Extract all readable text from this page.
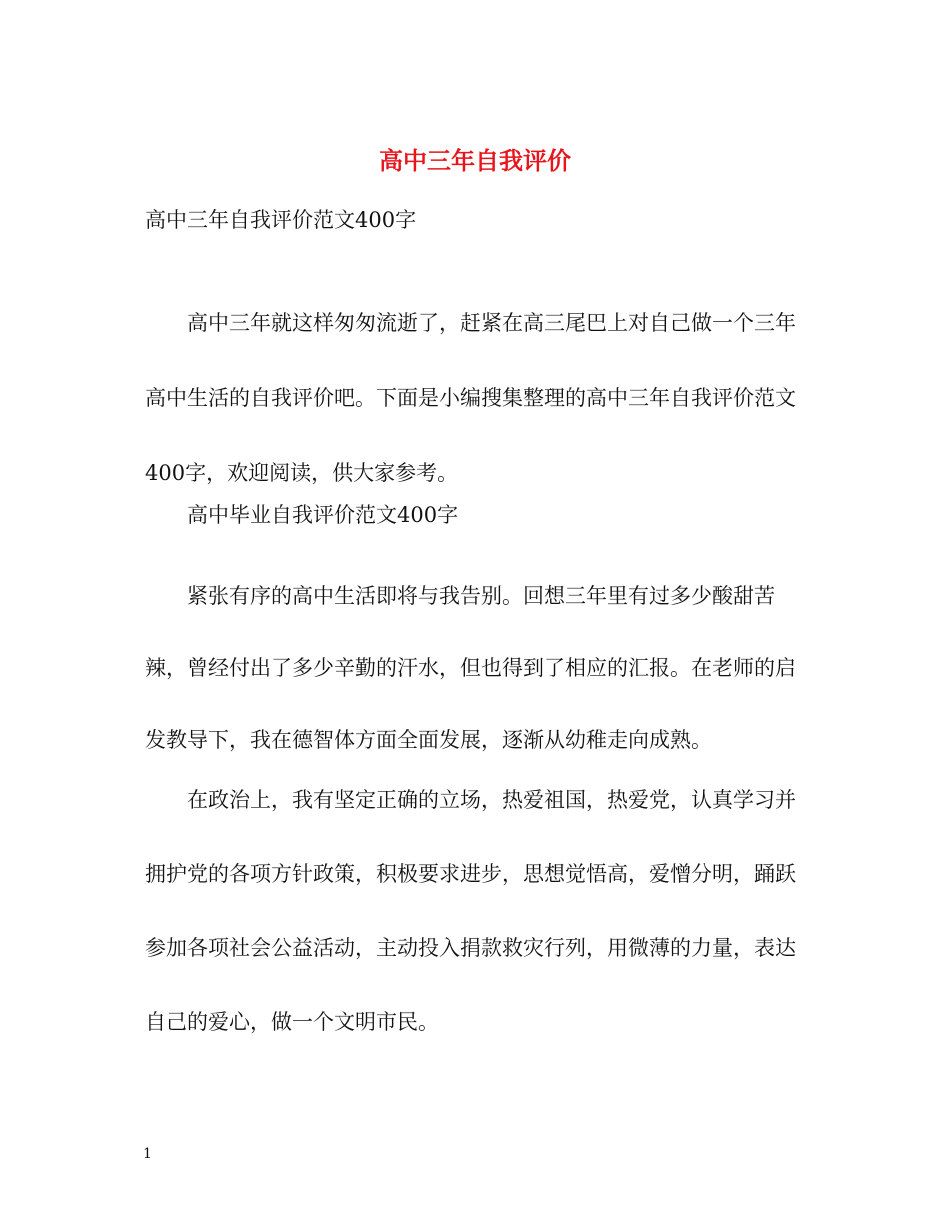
高中三年自我评价
高中三年自我评价范文400字
高中三年就这样匆匆流逝了，赶紧在高三尾巴上对自己做一个三年高中生活的自我评价吧。下面是小编搜集整理的高中三年自我评价范文400字，欢迎阅读，供大家参考。
高中毕业自我评价范文400字
紧张有序的高中生活即将与我告别。回想三年里有过多少酸甜苦辣，曾经付出了多少辛勤的汗水，但也得到了相应的汇报。在老师的启发教导下，我在德智体方面全面发展，逐渐从幼稚走向成熟。
在政治上，我有坚定正确的立场，热爱祖国，热爱党，认真学习并拥护党的各项方针政策，积极要求进步，思想觉悟高，爱憎分明，踊跃参加各项社会公益活动，主动投入捐款救灾行列，用微薄的力量，表达自己的爱心，做一个文明市民。
1
